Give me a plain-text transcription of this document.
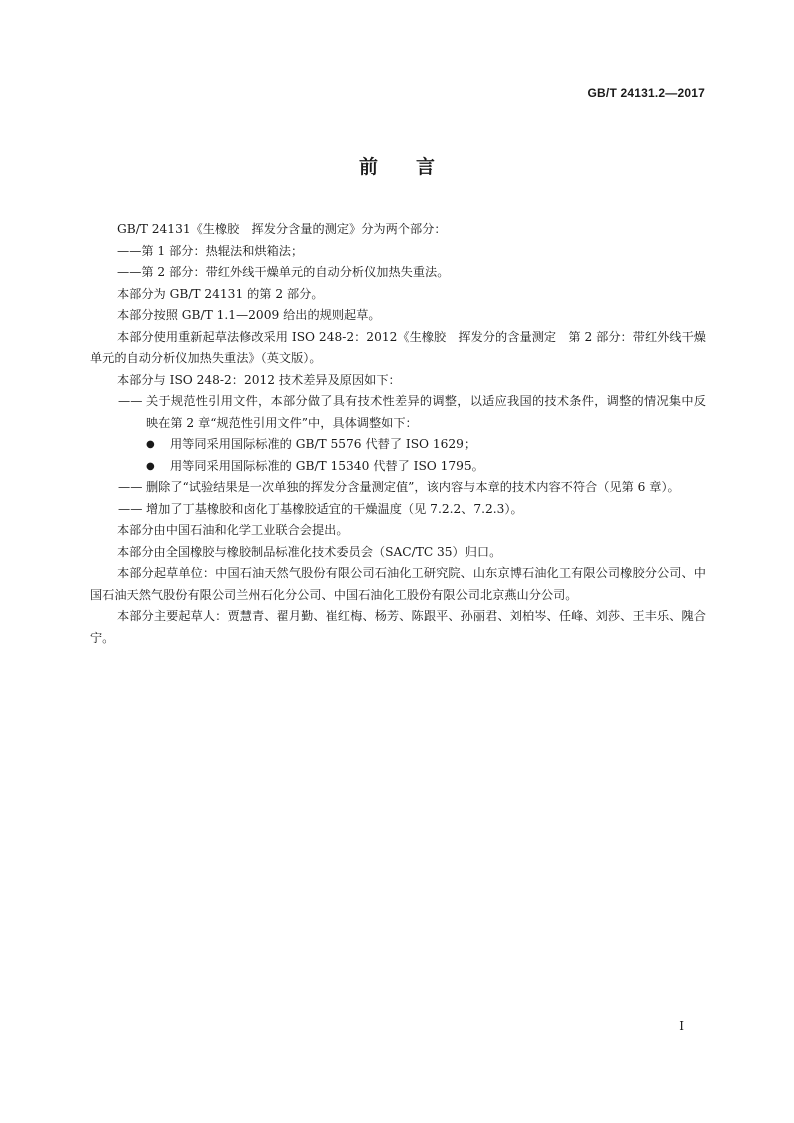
GB/T 24131.2—2017
前 言

GB/T 24131《生橡胶　挥发分含量的测定》分为两个部分：

——第 1 部分：热辊法和烘箱法；

——第 2 部分：带红外线干燥单元的自动分析仪加热失重法。

本部分为 GB/T 24131 的第 2 部分。

本部分按照 GB/T 1.1—2009 给出的规则起草。

本部分使用重新起草法修改采用 ISO 248-2：2012《生橡胶　挥发分的含量测定　第 2 部分：带红外线干燥单元的自动分析仪加热失重法》（英文版）。

本部分与 ISO 248-2：2012 技术差异及原因如下：

—— 关于规范性引用文件，本部分做了具有技术性差异的调整，以适应我国的技术条件，调整的情况集中反映在第 2 章“规范性引用文件”中，具体调整如下：
●	用等同采用国际标准的 GB/T 5576 代替了 ISO 1629；
●	用等同采用国际标准的 GB/T 15340 代替了 ISO 1795。
—— 删除了“试验结果是一次单独的挥发分含量测定值”，该内容与本章的技术内容不符合（见第 6 章）。
—— 增加了丁基橡胶和卤化丁基橡胶适宜的干燥温度（见 7.2.2、7.2.3）。

本部分由中国石油和化学工业联合会提出。

本部分由全国橡胶与橡胶制品标准化技术委员会（SAC/TC 35）归口。

本部分起草单位：中国石油天然气股份有限公司石油化工研究院、山东京博石油化工有限公司橡胶分公司、中国石油天然气股份有限公司兰州石化分公司、中国石油化工股份有限公司北京燕山分公司。

本部分主要起草人：贾慧青、翟月勤、崔红梅、杨芳、陈跟平、孙丽君、刘柏岑、任峰、刘莎、王丰乐、隗合宁。

I
